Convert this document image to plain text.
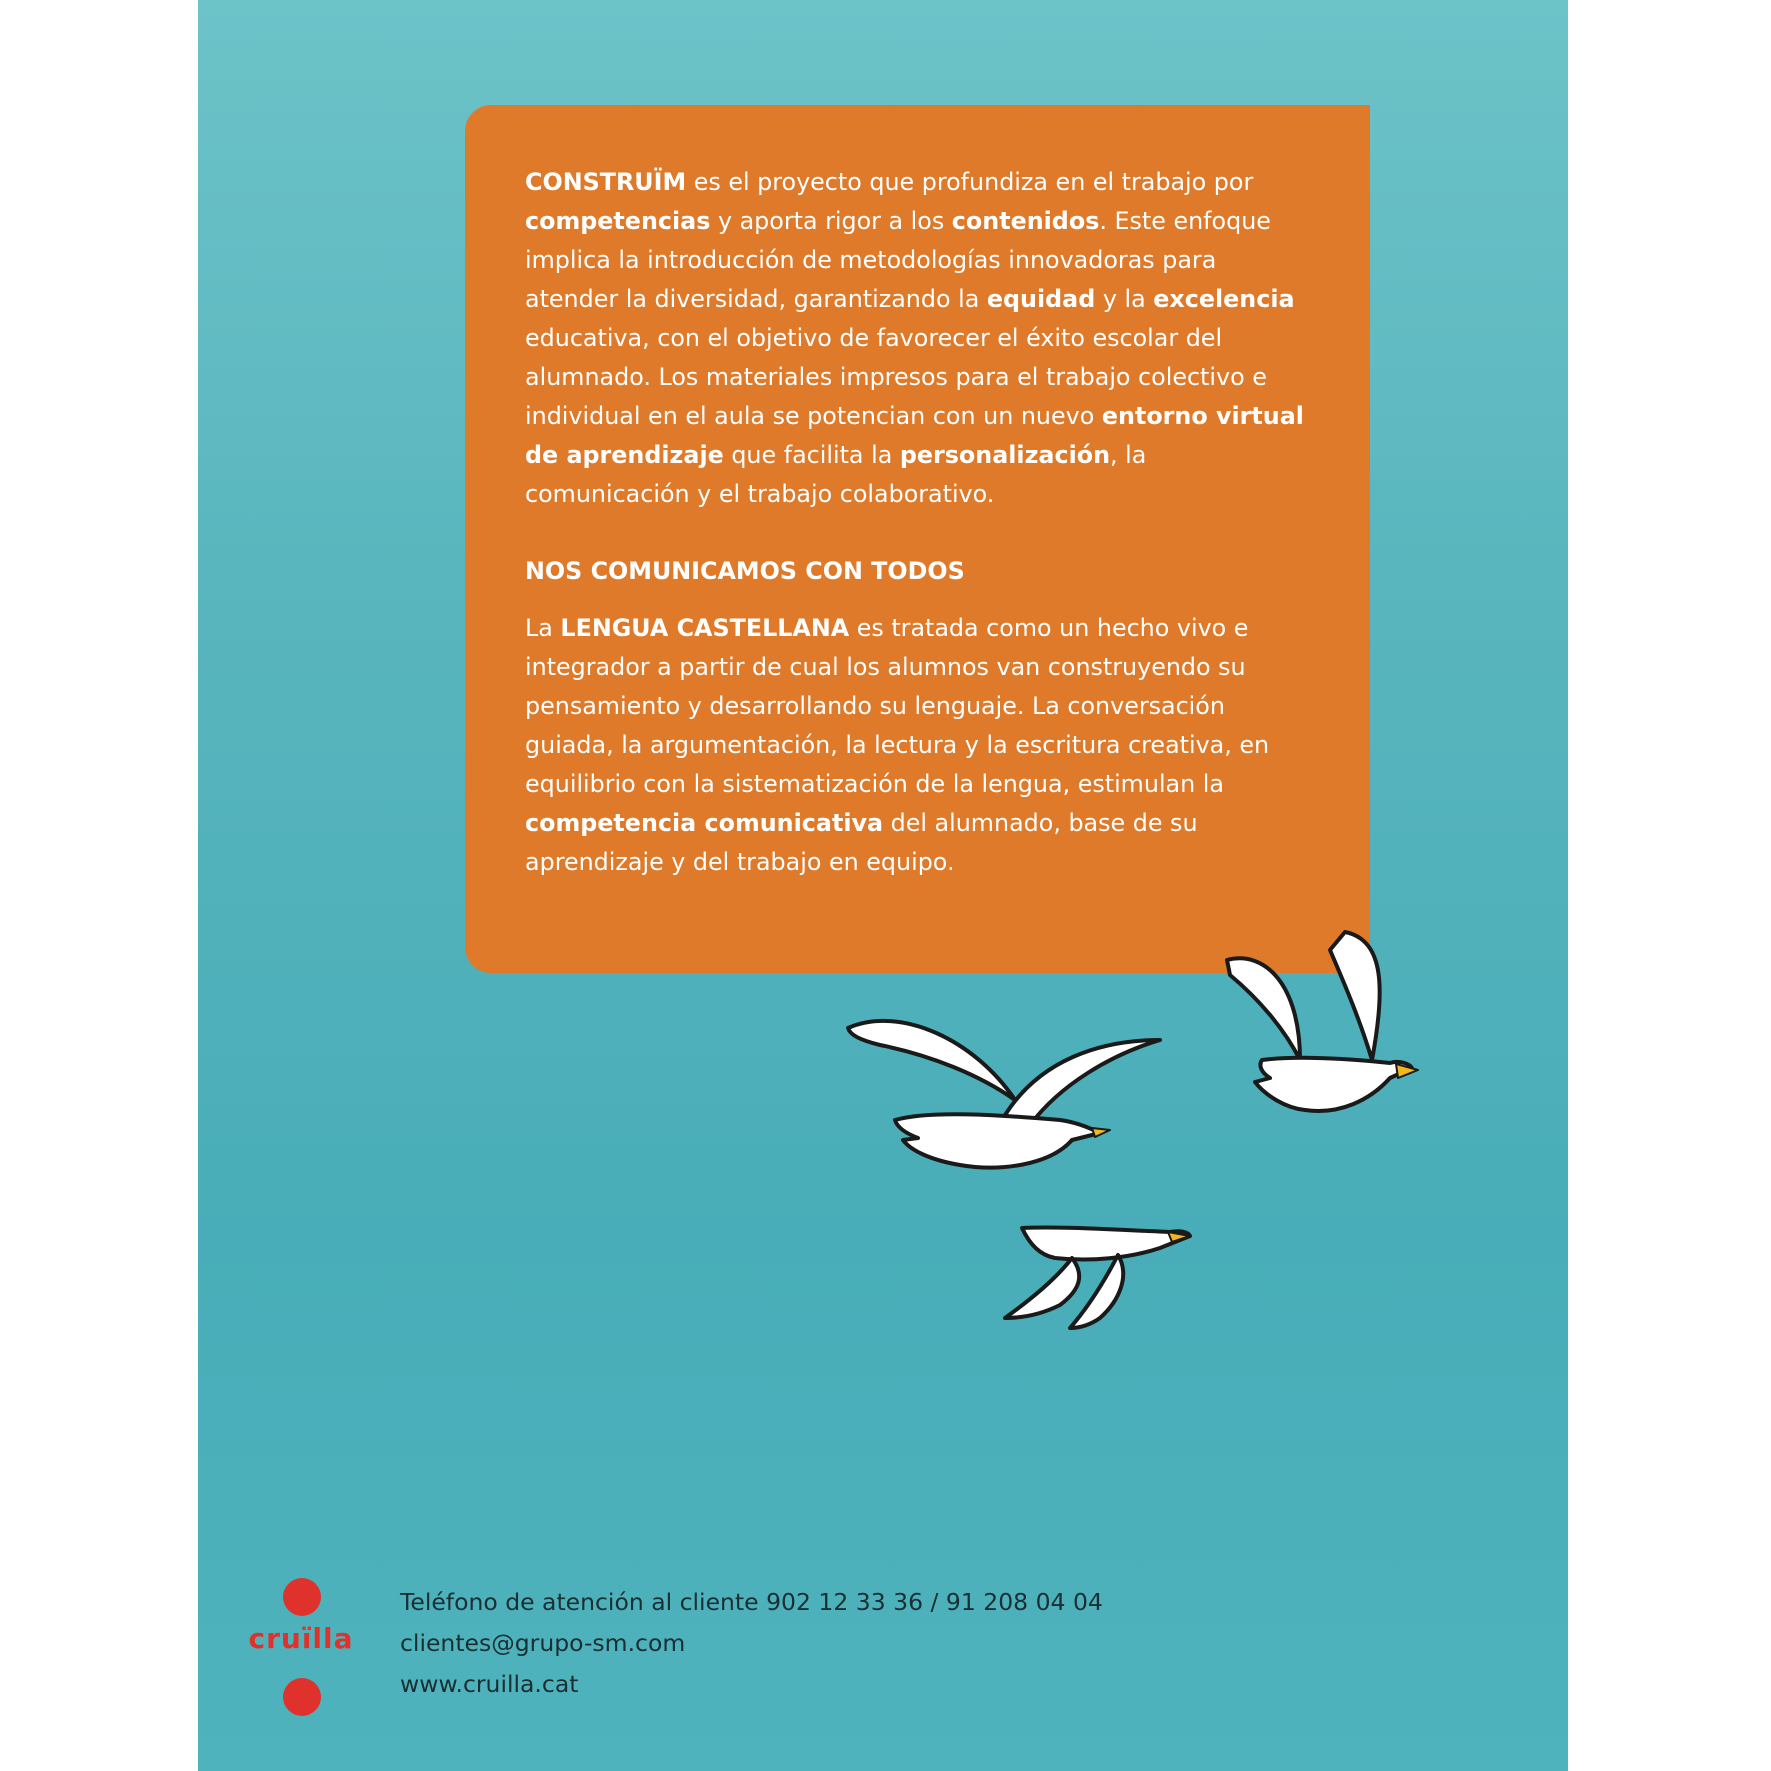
CONSTRUÏM es el proyecto que profundiza en el trabajo por competencias y aporta rigor a los contenidos. Este enfoque implica la introducción de metodologías innovadoras para atender la diversidad, garantizando la equidad y la excelencia educativa, con el objetivo de favorecer el éxito escolar del alumnado. Los materiales impresos para el trabajo colectivo e individual en el aula se potencian con un nuevo entorno virtual de aprendizaje que facilita la personalización, la comunicación y el trabajo colaborativo.

NOS COMUNICAMOS CON TODOS

La LENGUA CASTELLANA es tratada como un hecho vivo e integrador a partir de cual los alumnos van construyendo su pensamiento y desarrollando su lenguaje. La conversación guiada, la argumentación, la lectura y la escritura creativa, en equilibrio con la sistematización de la lengua, estimulan la competencia comunicativa del alumnado, base de su aprendizaje y del trabajo en equipo.

cruïlla
Teléfono de atención al cliente 902 12 33 36 / 91 208 04 04
clientes@grupo-sm.com
www.cruilla.cat
